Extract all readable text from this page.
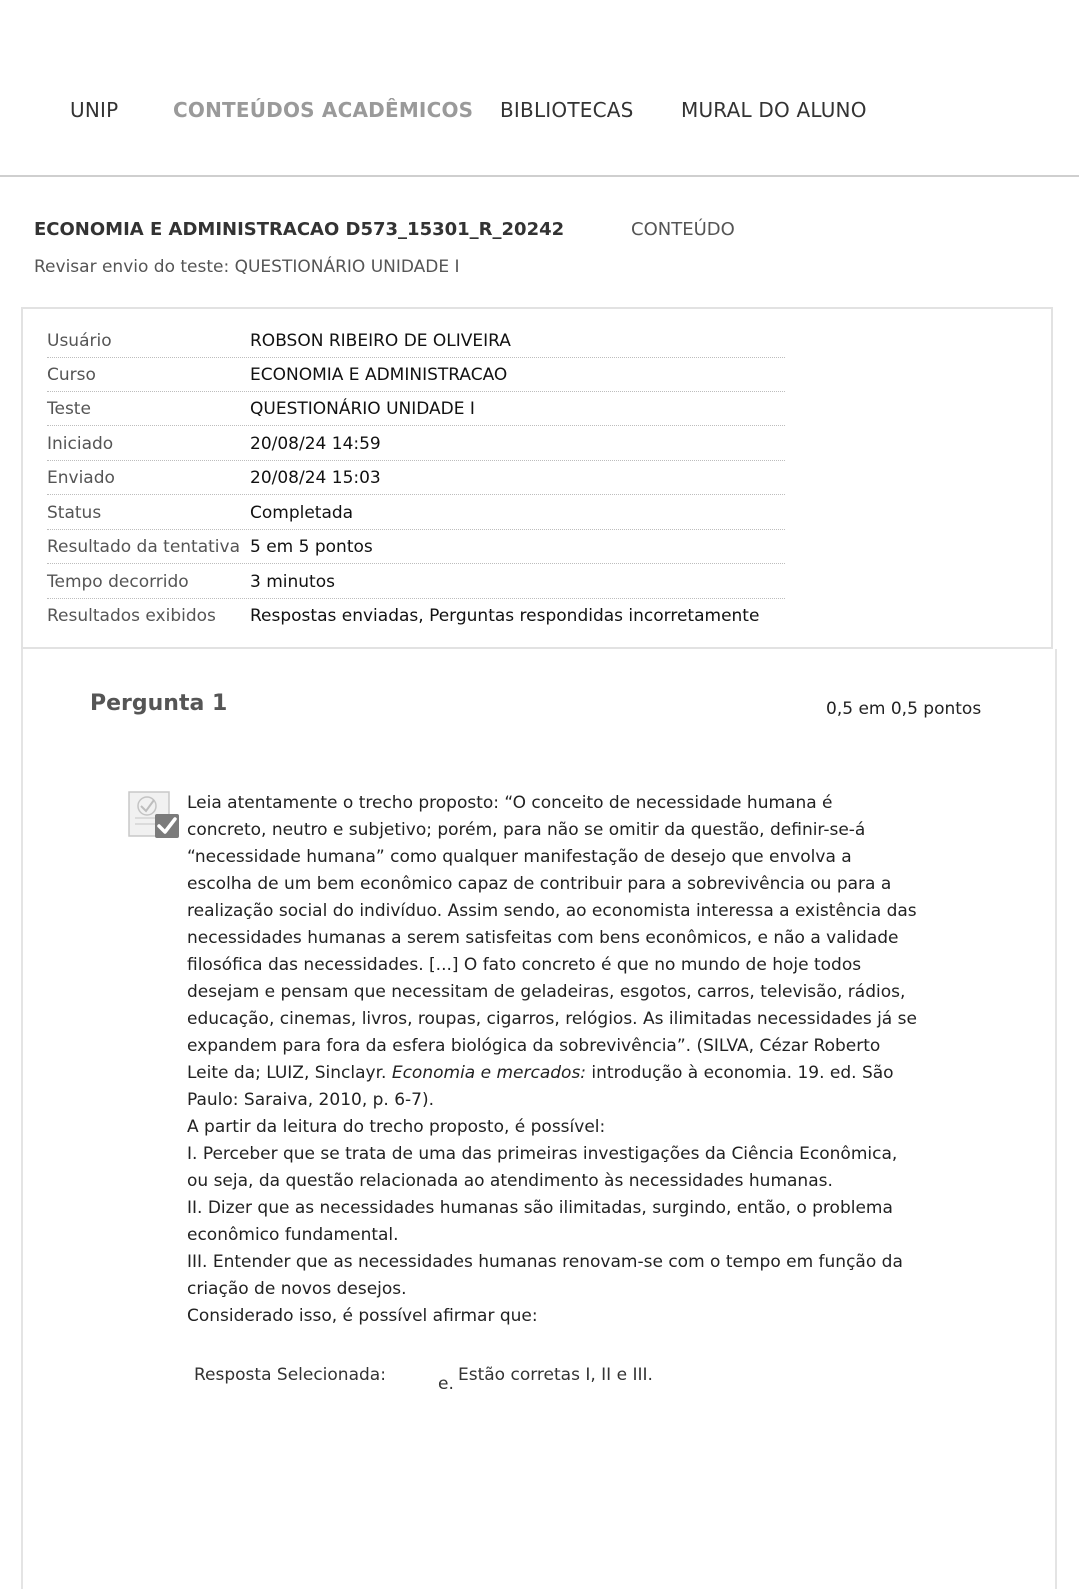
UNIP	CONTEÚDOS ACADÊMICOS BIBLIOTECAS MURAL DO ALUNO
ECONOMIA E ADMINISTRACAO D573_15301_R_20242	CONTEÚDO
Revisar envio do teste: QUESTIONÁRIO UNIDADE I
Usuário	ROBSON RIBEIRO DE OLIVEIRA
Curso	ECONOMIA E ADMINISTRACAO
Teste	QUESTIONÁRIO UNIDADE I
Iniciado	20/08/24 14:59
Enviado	20/08/24 15:03
Status	Completada
Resultado da tentativa 5 em 5 pontos
Tempo decorrido	3 minutos
Resultados exibidos Respostas enviadas, Perguntas respondidas incorretamente
Pergunta 1	0,5 em 0,5 pontos

Leia atentamente o trecho proposto: “O conceito de necessidade humana é

concreto, neutro e subjetivo; porém, para não se omitir da questão, definir-se-á

“necessidade humana” como qualquer manifestação de desejo que envolva a

escolha de um bem econômico capaz de contribuir para a sobrevivência ou para a

realização social do indivíduo. Assim sendo, ao economista interessa a existência das

necessidades humanas a serem satisfeitas com bens econômicos, e não a validade

filosófica das necessidades. [...] O fato concreto é que no mundo de hoje todos

desejam e pensam que necessitam de geladeiras, esgotos, carros, televisão, rádios,

educação, cinemas, livros, roupas, cigarros, relógios. As ilimitadas necessidades já se

expandem para fora da esfera biológica da sobrevivência”. (SILVA, Cézar Roberto

Leite da; LUIZ, Sinclayr. Economia e mercados: introdução à economia. 19. ed. São

Paulo: Saraiva, 2010, p. 6-7).

A partir da leitura do trecho proposto, é possível:

I. Perceber que se trata de uma das primeiras investigações da Ciência Econômica,

ou seja, da questão relacionada ao atendimento às necessidades humanas.

II. Dizer que as necessidades humanas são ilimitadas, surgindo, então, o problema

econômico fundamental.

III. Entender que as necessidades humanas renovam-se com o tempo em função da

criação de novos desejos.

Considerado isso, é possível afirmar que:

Resposta Selecionada:	e. Estão corretas I, II e III.
